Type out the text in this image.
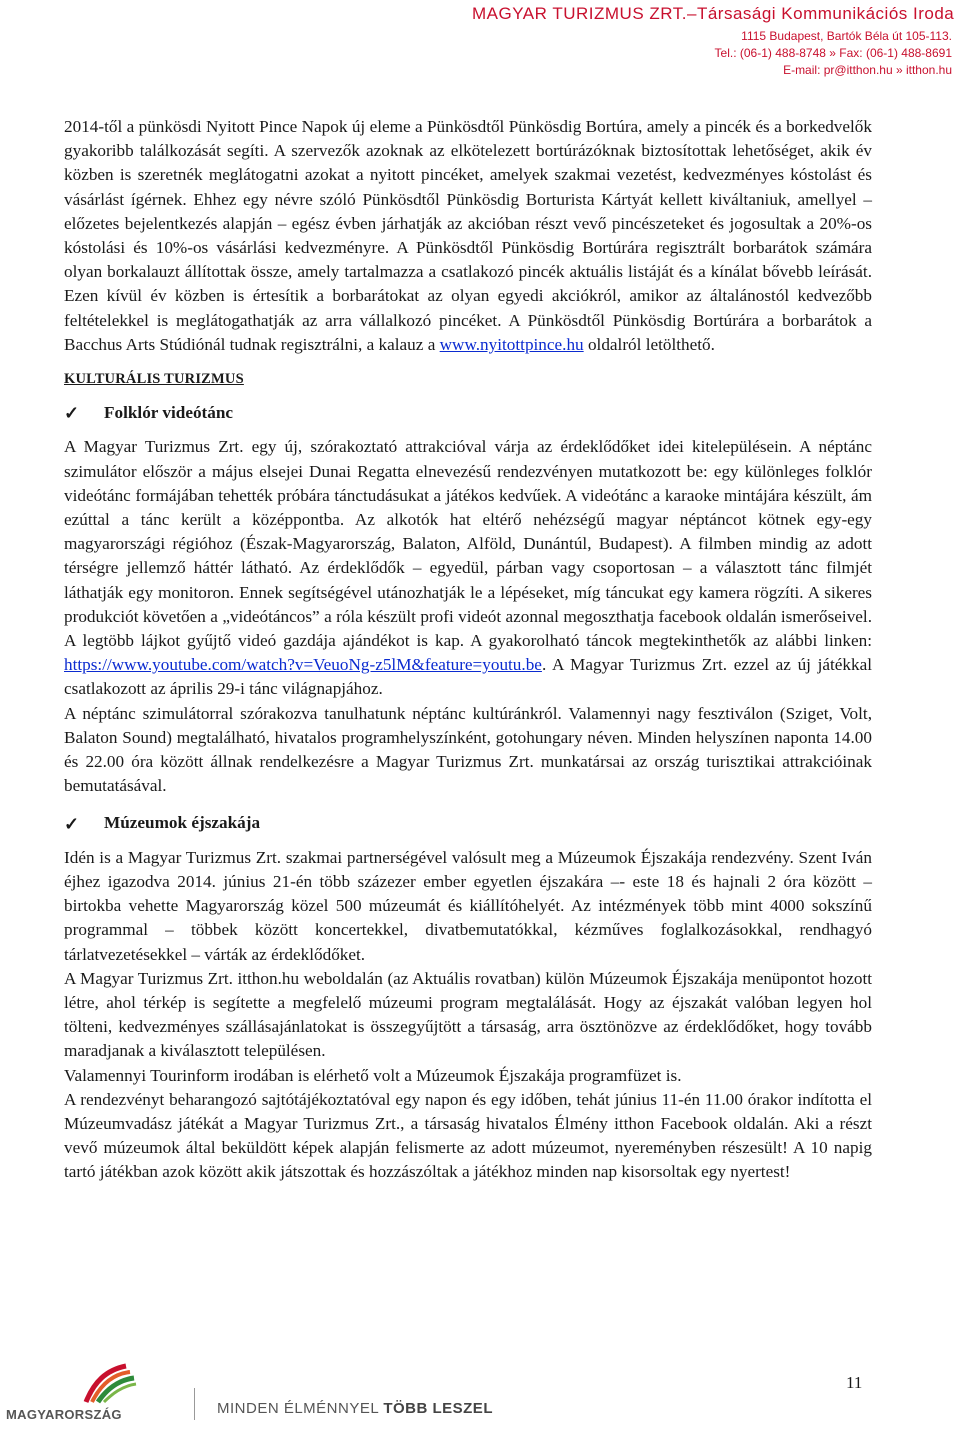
MAGYAR TURIZMUS ZRT.–Társasági Kommunikációs Iroda
1115 Budapest, Bartók Béla út 105-113.
Tel.: (06-1) 488-8748 » Fax: (06-1) 488-8691
E-mail: pr@itthon.hu » itthon.hu

2014-től a pünkösdi Nyitott Pince Napok új eleme a Pünkösdtől Pünkösdig Bortúra, amely a pincék és a borkedvelők gyakoribb találkozását segíti. A szervezők azoknak az elkötelezett bortúrázóknak biztosítottak lehetőséget, akik év közben is szeretnék meglátogatni azokat a nyitott pincéket, amelyek szakmai vezetést, kedvezményes kóstolást és vásárlást ígérnek. Ehhez egy névre szóló Pünkösdtől Pünkösdig Borturista Kártyát kellett kiváltaniuk, amellyel – előzetes bejelentkezés alapján – egész évben járhatják az akcióban részt vevő pincészeteket és jogosultak a 20%-os kóstolási és 10%-os vásárlási kedvezményre. A Pünkösdtől Pünkösdig Bortúrára regisztrált borbarátok számára olyan borkalauzt állítottak össze, amely tartalmazza a csatlakozó pincék aktuális listáját és a kínálat bővebb leírását. Ezen kívül év közben is értesítik a borbarátokat az olyan egyedi akciókról, amikor az általánostól kedvezőbb feltételekkel is meglátogathatják az arra vállalkozó pincéket. A Pünkösdtől Pünkösdig Bortúrára a borbarátok a Bacchus Arts Stúdiónál tudnak regisztrálni, a kalauz a www.nyitottpince.hu oldalról letölthető.

KULTURÁLIS TURIZMUS

✓	Folklór videótánc

A Magyar Turizmus Zrt. egy új, szórakoztató attrakcióval várja az érdeklődőket idei kitelepülésein. A néptánc szimulátor először a május elsejei Dunai Regatta elnevezésű rendezvényen mutatkozott be: egy különleges folklór videótánc formájában tehették próbára tánctudásukat a játékos kedvűek. A videótánc a karaoke mintájára készült, ám ezúttal a tánc került a középpontba. Az alkotók hat eltérő nehézségű magyar néptáncot kötnek egy-egy magyarországi régióhoz (Észak-Magyarország, Balaton, Alföld, Dunántúl, Budapest). A filmben mindig az adott térségre jellemző háttér látható. Az érdeklődők – egyedül, párban vagy csoportosan – a választott tánc filmjét láthatják egy monitoron. Ennek segítségével utánozhatják le a lépéseket, míg táncukat egy kamera rögzíti. A sikeres produkciót követően a „videótáncos” a róla készült profi videót azonnal megoszthatja facebook oldalán ismerőseivel. A legtöbb lájkot gyűjtő videó gazdája ajándékot is kap. A gyakorolható táncok megtekinthetők az alábbi linken: https://www.youtube.com/watch?v=VeuoNg-z5lM&feature=youtu.be. A Magyar Turizmus Zrt. ezzel az új játékkal csatlakozott az április 29-i tánc világnapjához.

A néptánc szimulátorral szórakozva tanulhatunk néptánc kultúránkról. Valamennyi nagy fesztiválon (Sziget, Volt, Balaton Sound) megtalálható, hivatalos programhelyszínként, gotohungary néven. Minden helyszínen naponta 14.00 és 22.00 óra között állnak rendelkezésre a Magyar Turizmus Zrt. munkatársai az ország turisztikai attrakcióinak bemutatásával.

✓	Múzeumok éjszakája

Idén is a Magyar Turizmus Zrt. szakmai partnerségével valósult meg a Múzeumok Éjszakája rendezvény. Szent Iván éjhez igazodva 2014. június 21-én több százezer ember egyetlen éjszakára –- este 18 és hajnali 2 óra között – birtokba vehette Magyarország közel 500 múzeumát és kiállítóhelyét. Az intézmények több mint 4000 sokszínű programmal – többek között koncertekkel, divatbemutatókkal, kézműves foglalkozásokkal, rendhagyó tárlatvezetésekkel – várták az érdeklődőket.

A Magyar Turizmus Zrt. itthon.hu weboldalán (az Aktuális rovatban) külön Múzeumok Éjszakája menüpontot hozott létre, ahol térkép is segítette a megfelelő múzeumi program megtalálását. Hogy az éjszakát valóban legyen hol tölteni, kedvezményes szállásajánlatokat is összegyűjtött a társaság, arra ösztönözve az érdeklődőket, hogy tovább maradjanak a kiválasztott településen.

Valamennyi Tourinform irodában is elérhető volt a Múzeumok Éjszakája programfüzet is.

A rendezvényt beharangozó sajtótájékoztatóval egy napon és egy időben, tehát június 11-én 11.00 órakor indította el Múzeumvadász játékát a Magyar Turizmus Zrt., a társaság hivatalos Élmény itthon Facebook oldalán. Aki a részt vevő múzeumok által beküldött képek alapján felismerte az adott múzeumot, nyereményben részesült! A 10 napig tartó játékban azok között akik játszottak és hozzászóltak a játékhoz minden nap kisorsoltak egy nyertest!

MAGYARORSZÁG	MINDEN ÉLMÉNNYEL TÖBB LESZEL
11
